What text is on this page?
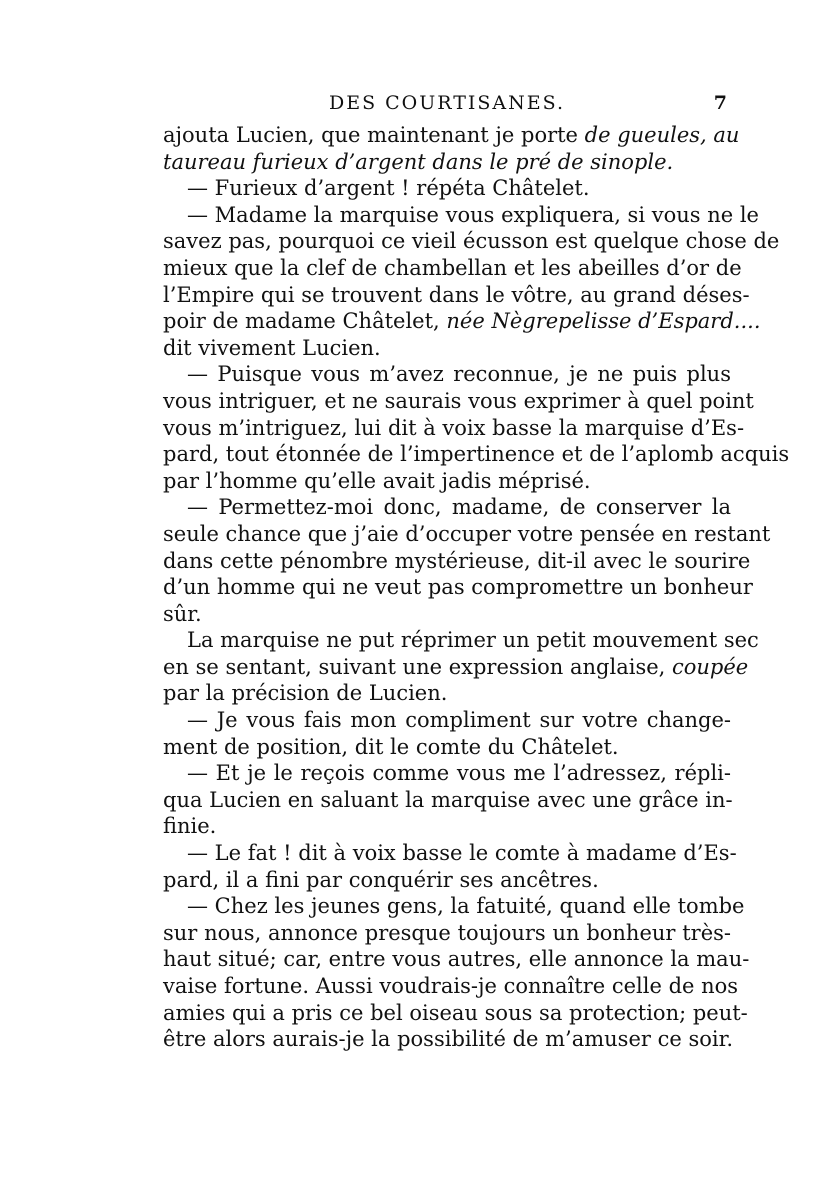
DES COURTISANES.	7
ajouta Lucien, que maintenant je porte de gueules, au
taureau furieux d’argent dans le pré de sinople.
— Furieux d’argent ! répéta Châtelet.
— Madame la marquise vous expliquera, si vous ne le
savez pas, pourquoi ce vieil écusson est quelque chose de
mieux que la clef de chambellan et les abeilles d’or de
l’Empire qui se trouvent dans le vôtre, au grand déses-
poir de madame Châtelet, née Nègrepelisse d’Espard....
dit vivement Lucien.
— Puisque vous m’avez reconnue, je ne puis plus
vous intriguer, et ne saurais vous exprimer à quel point
vous m’intriguez, lui dit à voix basse la marquise d’Es-
pard, tout étonnée de l’impertinence et de l’aplomb acquis
par l’homme qu’elle avait jadis méprisé.
— Permettez-moi donc, madame, de conserver la
seule chance que j’aie d’occuper votre pensée en restant
dans cette pénombre mystérieuse, dit-il avec le sourire
d’un homme qui ne veut pas compromettre un bonheur
sûr.
La marquise ne put réprimer un petit mouvement sec
en se sentant, suivant une expression anglaise, coupée
par la précision de Lucien.
— Je vous fais mon compliment sur votre change-
ment de position, dit le comte du Châtelet.
— Et je le reçois comme vous me l’adressez, répli-
qua Lucien en saluant la marquise avec une grâce in-
finie.
— Le fat ! dit à voix basse le comte à madame d’Es-
pard, il a fini par conquérir ses ancêtres.
— Chez les jeunes gens, la fatuité, quand elle tombe
sur nous, annonce presque toujours un bonheur très-
haut situé; car, entre vous autres, elle annonce la mau-
vaise fortune. Aussi voudrais-je connaître celle de nos
amies qui a pris ce bel oiseau sous sa protection; peut-
être alors aurais-je la possibilité de m’amuser ce soir.
